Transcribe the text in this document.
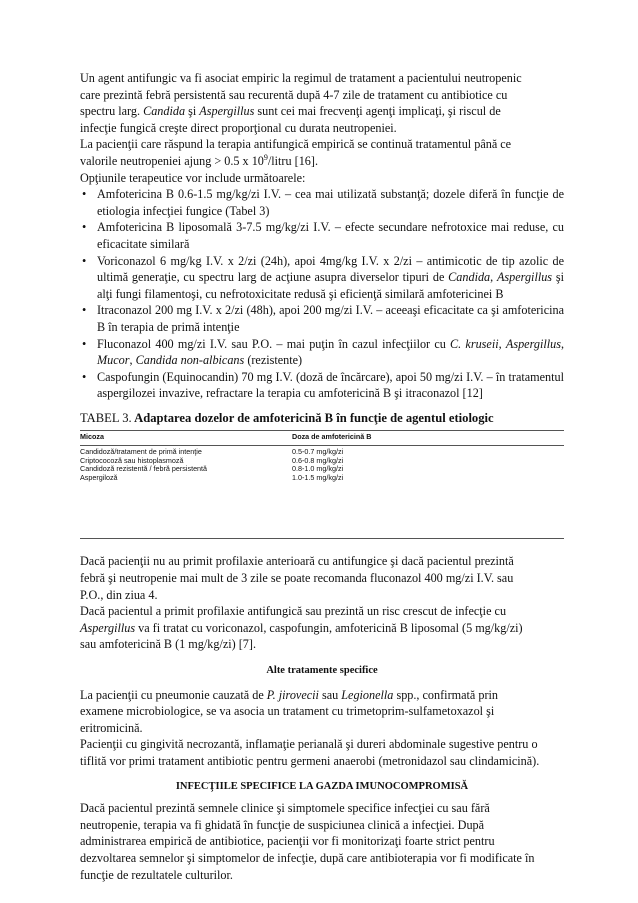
Un agent antifungic va fi asociat empiric la regimul de tratament a pacientului neutropenic
care prezintă febră persistentă sau recurentă după 4-7 zile de tratament cu antibiotice cu
spectru larg. Candida şi Aspergillus sunt cei mai frecvenţi agenţi implicaţi, şi riscul de
infecţie fungică creşte direct proporţional cu durata neutropeniei.

La pacienţii care răspund la terapia antifungică empirică se continuă tratamentul până ce
valorile neutropeniei ajung > 0.5 x $10^9$/litru [16].

Opţiunile terapeutice vor include următoarele:

• Amfotericina B 0.6-1.5 mg/kg/zi I.V. – cea mai utilizată substanţă; dozele diferă în funcţie de etiologia infecţiei fungice (Tabel 3)
• Amfotericina B liposomală 3-7.5 mg/kg/zi I.V. – efecte secundare nefrotoxice mai reduse, cu eficacitate similară
• Voriconazol 6 mg/kg I.V. x 2/zi (24h), apoi 4mg/kg I.V. x 2/zi – antimicotic de tip azolic de ultimă generaţie, cu spectru larg de acţiune asupra diverselor tipuri de Candida, Aspergillus şi alţi fungi filamentoşi, cu nefrotoxicitate redusă şi eficienţă similară amfotericinei B
• Itraconazol 200 mg I.V. x 2/zi (48h), apoi 200 mg/zi I.V. – aceeaşi eficacitate ca şi amfotericina B în terapia de primă intenţie
• Fluconazol 400 mg/zi I.V. sau P.O. – mai puţin în cazul infecţiilor cu C. kruseii, Aspergillus, Mucor, Candida non-albicans (rezistente)
• Caspofungin (Equinocandin) 70 mg I.V. (doză de încărcare), apoi 50 mg/zi I.V. – în tratamentul aspergilozei invazive, refractare la terapia cu amfotericină B şi itraconazol [12]

TABEL 3. Adaptarea dozelor de amfotericină B în funcţie de agentul etiologic

Micoza	Doza de amfotericină B
Candidoză/tratament de primă intenţie	0.5-0.7 mg/kg/zi
Criptococoză sau histoplasmoză	0.6-0.8 mg/kg/zi
Candidoză rezistentă / febră persistentă	0.8-1.0 mg/kg/zi
Aspergiloză	1.0-1.5 mg/kg/zi

Dacă pacienţii nu au primit profilaxie anterioară cu antifungice şi dacă pacientul prezintă
febră şi neutropenie mai mult de 3 zile se poate recomanda fluconazol 400 mg/zi I.V. sau
P.O., din ziua 4.

Dacă pacientul a primit profilaxie antifungică sau prezintă un risc crescut de infecţie cu
Aspergillus va fi tratat cu voriconazol, caspofungin, amfotericină B liposomal (5 mg/kg/zi)
sau amfotericină B (1 mg/kg/zi) [7].

Alte tratamente specifice

La pacienţii cu pneumonie cauzată de P. jirovecii sau Legionella spp., confirmată prin
examene microbiologice, se va asocia un tratament cu trimetoprim-sulfametoxazol şi
eritromicină.

Pacienţii cu gingivită necrozantă, inflamaţie perianală şi dureri abdominale sugestive pentru o
tiflită vor primi tratament antibiotic pentru germeni anaerobi (metronidazol sau clindamicină).

INFECŢIILE SPECIFICE LA GAZDA IMUNOCOMPROMISĂ

Dacă pacientul prezintă semnele clinice şi simptomele specifice infecţiei cu sau fără
neutropenie, terapia va fi ghidată în funcţie de suspiciunea clinică a infecţiei. După
administrarea empirică de antibiotice, pacienţii vor fi monitorizaţi foarte strict pentru
dezvoltarea semnelor şi simptomelor de infecţie, după care antibioterapia vor fi modificate în
funcţie de rezultatele culturilor.
